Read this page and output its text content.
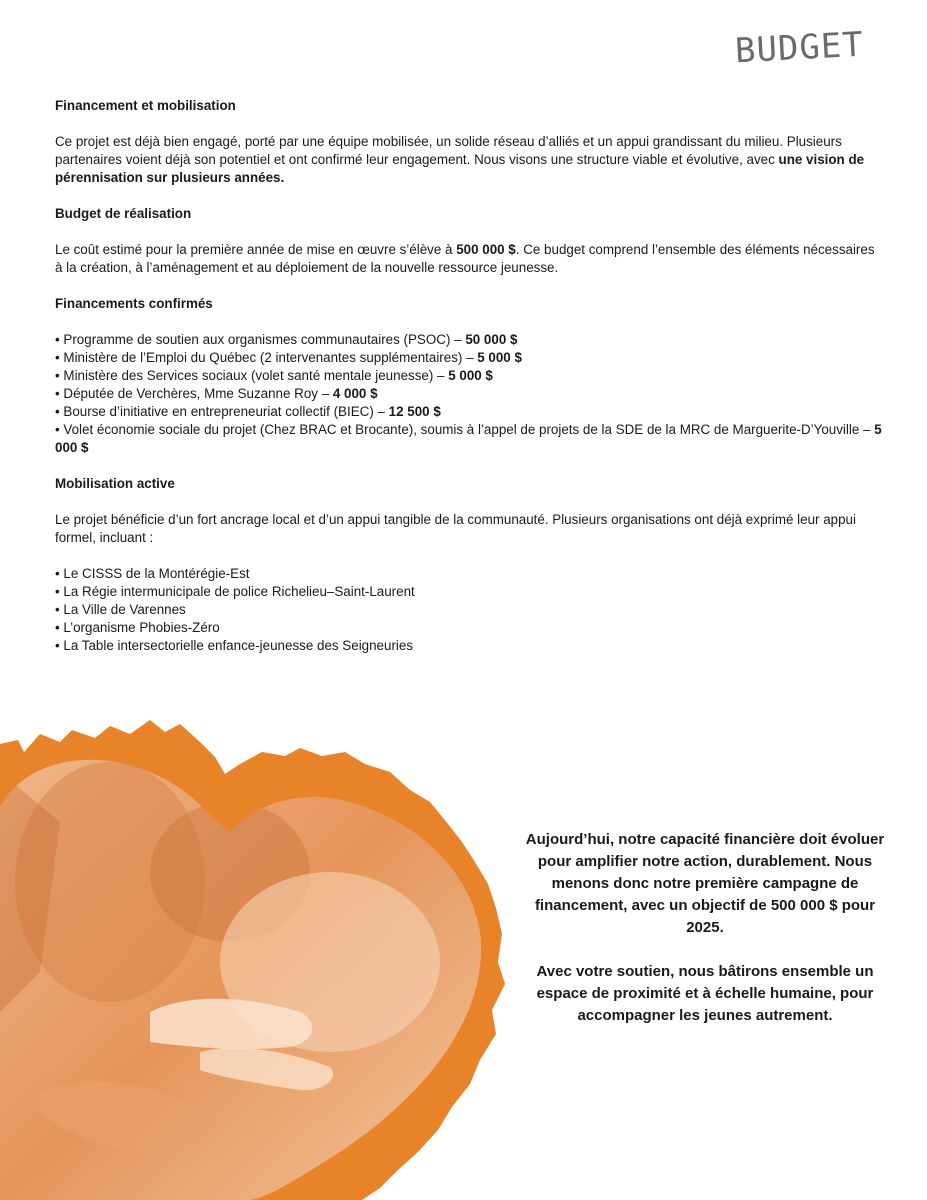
BUDGET
Financement et mobilisation

Ce projet est déjà bien engagé, porté par une équipe mobilisée, un solide réseau d’alliés et un appui grandissant du milieu. Plusieurs partenaires voient déjà son potentiel et ont confirmé leur engagement. Nous visons une structure viable et évolutive, avec une vision de pérennisation sur plusieurs années.

Budget de réalisation

Le coût estimé pour la première année de mise en œuvre s’élève à 500 000 $. Ce budget comprend l’ensemble des éléments nécessaires à la création, à l’aménagement et au déploiement de la nouvelle ressource jeunesse.

Financements confirmés
• Programme de soutien aux organismes communautaires (PSOC) – 50 000 $
• Ministère de l’Emploi du Québec (2 intervenantes supplémentaires) – 5 000 $
• Ministère des Services sociaux (volet santé mentale jeunesse) – 5 000 $
• Députée de Verchères, Mme Suzanne Roy – 4 000 $
• Bourse d’initiative en entrepreneuriat collectif (BIEC) – 12 500 $
• Volet économie sociale du projet (Chez BRAC et Brocante), soumis à l’appel de projets de la SDE de la MRC de Marguerite-D’Youville – 5 000 $
Mobilisation active

Le projet bénéficie d’un fort ancrage local et d’un appui tangible de la communauté. Plusieurs organisations ont déjà exprimé leur appui formel, incluant :

• Le CISSS de la Montérégie-Est
• La Régie intermunicipale de police Richelieu–Saint-Laurent
• La Ville de Varennes
• L’organisme Phobies-Zéro
• La Table intersectorielle enfance-jeunesse des Seigneuries

Aujourd’hui, notre capacité financière doit évoluer pour amplifier notre action, durablement. Nous menons donc notre première campagne de financement, avec un objectif de 500 000 $ pour 2025.

Avec votre soutien, nous bâtirons ensemble un espace de proximité et à échelle humaine, pour accompagner les jeunes autrement.
